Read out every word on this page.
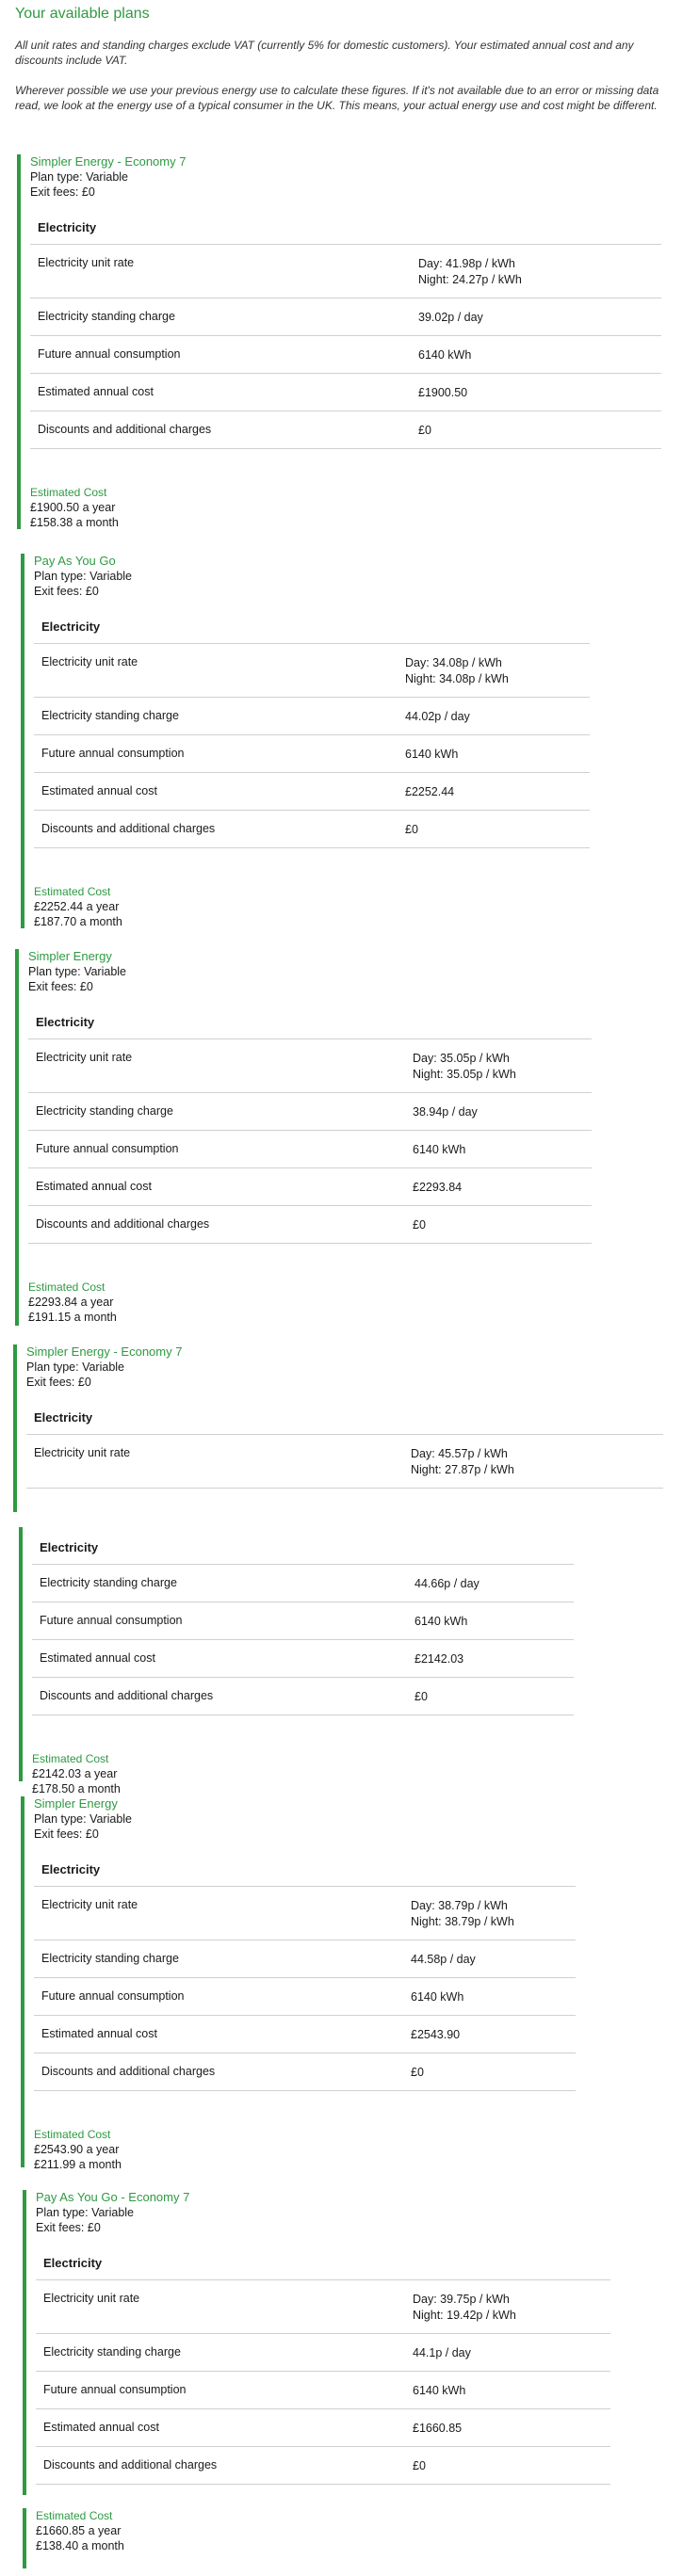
Your available plans

All unit rates and standing charges exclude VAT (currently 5% for domestic customers). Your estimated annual cost and any discounts include VAT.

Wherever possible we use your previous energy use to calculate these figures. If it's not available due to an error or missing data read, we look at the energy use of a typical consumer in the UK. This means, your actual energy use and cost might be different.

Simpler Energy - Economy 7
Plan type: Variable
Exit fees: £0
Electricity
Electricity unit rate	Day: 41.98p / kWh
Night: 24.27p / kWh
Electricity standing charge	39.02p / day
Future annual consumption	6140 kWh
Estimated annual cost	£1900.50
Discounts and additional charges	£0
Estimated Cost
£1900.50 a year
£158.38 a month
Pay As You Go
Plan type: Variable
Exit fees: £0
Electricity
Electricity unit rate	Day: 34.08p / kWh
Night: 34.08p / kWh
Electricity standing charge	44.02p / day
Future annual consumption	6140 kWh
Estimated annual cost	£2252.44
Discounts and additional charges	£0
Estimated Cost
£2252.44 a year
£187.70 a month
Simpler Energy
Plan type: Variable
Exit fees: £0
Electricity
Electricity unit rate	Day: 35.05p / kWh
Night: 35.05p / kWh
Electricity standing charge	38.94p / day
Future annual consumption	6140 kWh
Estimated annual cost	£2293.84
Discounts and additional charges	£0
Estimated Cost
£2293.84 a year
£191.15 a month
Simpler Energy - Economy 7
Plan type: Variable
Exit fees: £0
Electricity
Electricity unit rate	Day: 45.57p / kWh
Night: 27.87p / kWh
Electricity
Electricity standing charge	44.66p / day
Future annual consumption	6140 kWh
Estimated annual cost	£2142.03
Discounts and additional charges	£0
Estimated Cost
£2142.03 a year
£178.50 a month
Simpler Energy
Plan type: Variable
Exit fees: £0
Electricity
Electricity unit rate	Day: 38.79p / kWh
Night: 38.79p / kWh
Electricity standing charge	44.58p / day
Future annual consumption	6140 kWh
Estimated annual cost	£2543.90
Discounts and additional charges	£0
Estimated Cost
£2543.90 a year
£211.99 a month
Pay As You Go - Economy 7
Plan type: Variable
Exit fees: £0
Electricity
Electricity unit rate	Day: 39.75p / kWh
Night: 19.42p / kWh
Electricity standing charge	44.1p / day
Future annual consumption	6140 kWh
Estimated annual cost	£1660.85
Discounts and additional charges	£0
Estimated Cost
£1660.85 a year
£138.40 a month
